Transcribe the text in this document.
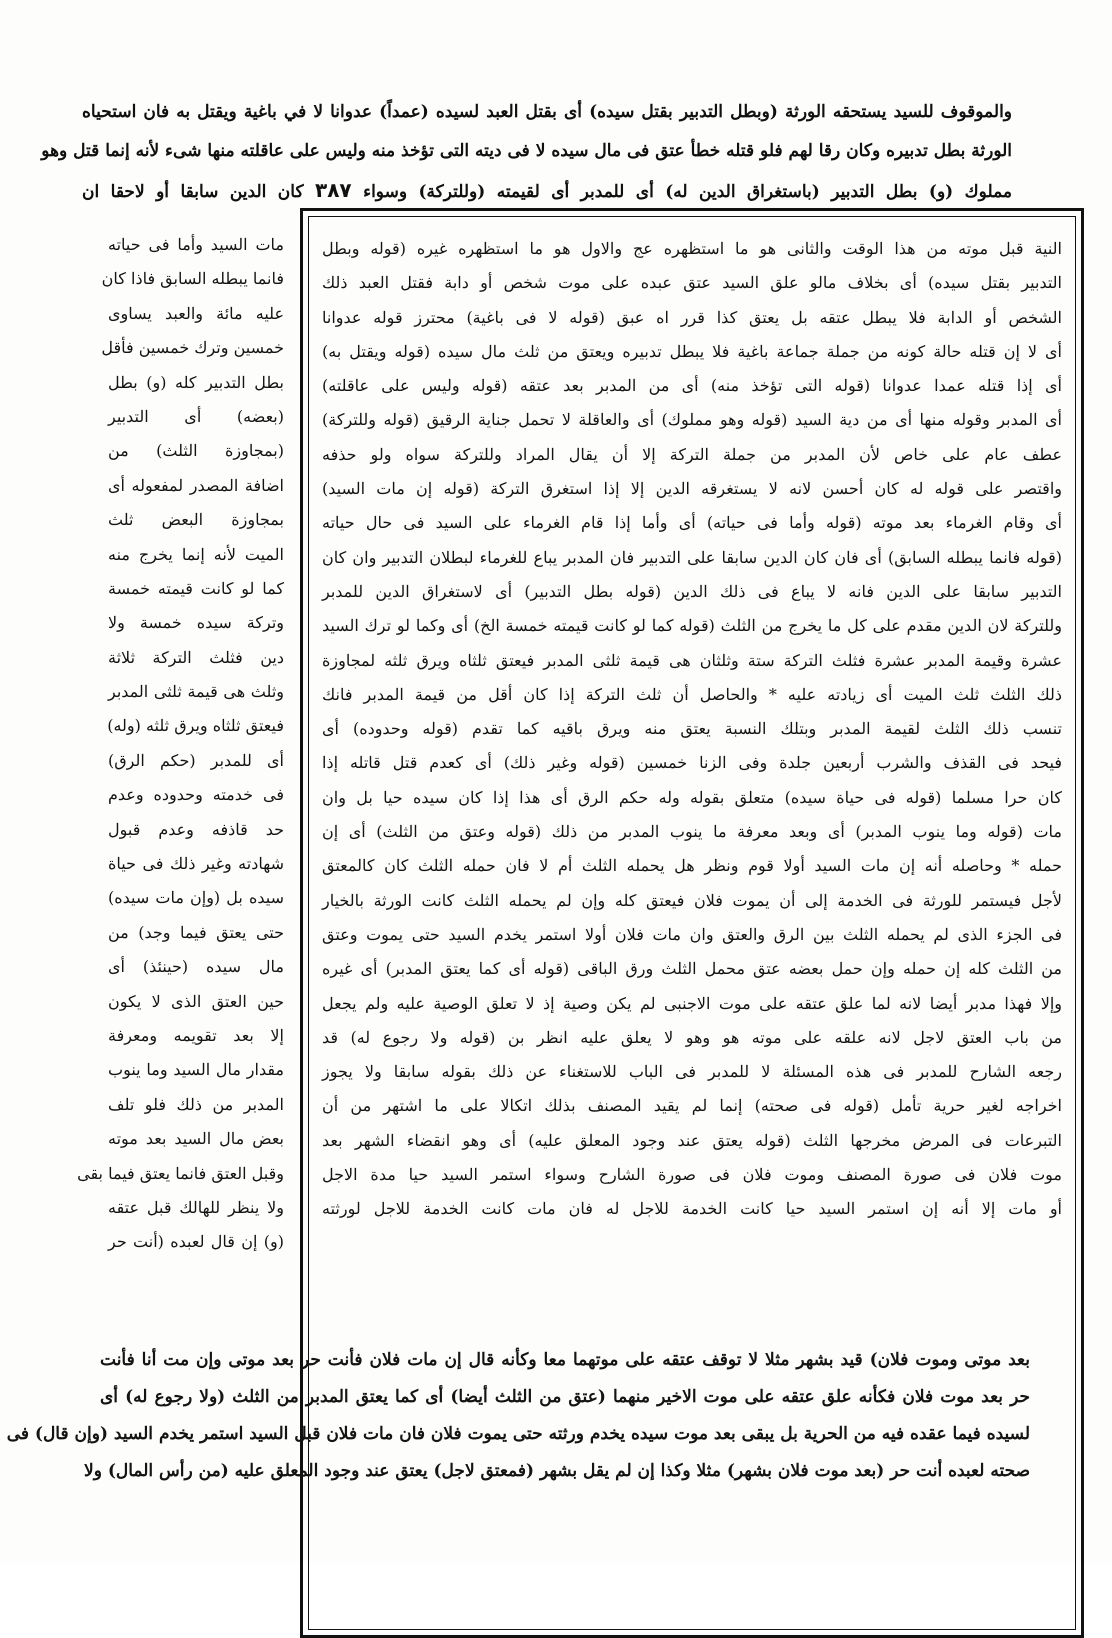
والموقوف للسيد يستحقه الورثة (وبطل التدبير بقتل سيده) أى بقتل العبد لسيده (عمداً) عدوانا لا في باغية ويقتل به فان استحياه
الورثة بطل تدبيره وكان رقا لهم فلو قتله خطأ عتق فى مال سيده لا فى ديته التى تؤخذ منه وليس على عاقلته منها شىء لأنه إنما قتل وهو
مملوك (و) بطل التدبير (باستغراق الدين له) أى للمدبر أى لقيمته (وللتركة) وسواء ٣٨٧ كان الدين سابقا أو لاحقا ان
النية قبل موته من هذا الوقت والثانى هو ما استظهره عج والاول هو ما استظهره غيره (قوله وبطل
التدبير بقتل سيده) أى بخلاف مالو علق السيد عتق عبده على موت شخص أو دابة فقتل العبد ذلك
الشخص أو الدابة فلا يبطل عتقه بل يعتق كذا قرر اه عبق (قوله لا فى باغية) محترز قوله عدوانا
أى لا إن قتله حالة كونه من جملة جماعة باغية فلا يبطل تدبيره ويعتق من ثلث مال سيده (قوله ويقتل به)
أى إذا قتله عمدا عدوانا (قوله التى تؤخذ منه) أى من المدبر بعد عتقه (قوله وليس على عاقلته)
أى المدبر وقوله منها أى من دية السيد (قوله وهو مملوك) أى والعاقلة لا تحمل جناية الرقيق (قوله وللتركة)
عطف عام على خاص لأن المدبر من جملة التركة إلا أن يقال المراد وللتركة سواه ولو حذفه
واقتصر على قوله له كان أحسن لانه لا يستغرقه الدين إلا إذا استغرق التركة (قوله إن مات السيد)
أى وقام الغرماء بعد موته (قوله وأما فى حياته) أى وأما إذا قام الغرماء على السيد فى حال حياته
(قوله فانما يبطله السابق) أى فان كان الدين سابقا على التدبير فان المدبر يباع للغرماء لبطلان التدبير وان كان
التدبير سابقا على الدين فانه لا يباع فى ذلك الدين (قوله بطل التدبير) أى لاستغراق الدين للمدبر
وللتركة لان الدين مقدم على كل ما يخرج من الثلث (قوله كما لو كانت قيمته خمسة الخ) أى وكما لو ترك السيد
عشرة وقيمة المدبر عشرة فثلث التركة ستة وثلثان هى قيمة ثلثى المدبر فيعتق ثلثاه ويرق ثلثه لمجاوزة
ذلك الثلث ثلث الميت أى زيادته عليه * والحاصل أن ثلث التركة إذا كان أقل من قيمة المدبر فانك
تنسب ذلك الثلث لقيمة المدبر وبتلك النسبة يعتق منه ويرق باقيه كما تقدم (قوله وحدوده) أى
فيحد فى القذف والشرب أربعين جلدة وفى الزنا خمسين (قوله وغير ذلك) أى كعدم قتل قاتله إذا
كان حرا مسلما (قوله فى حياة سيده) متعلق بقوله وله حكم الرق أى هذا إذا كان سيده حيا بل وان
مات (قوله وما ينوب المدبر) أى وبعد معرفة ما ينوب المدبر من ذلك (قوله وعتق من الثلث) أى إن
حمله * وحاصله أنه إن مات السيد أولا قوم ونظر هل يحمله الثلث أم لا فان حمله الثلث كان كالمعتق
لأجل فيستمر للورثة فى الخدمة إلى أن يموت فلان فيعتق كله وإن لم يحمله الثلث كانت الورثة بالخيار
فى الجزء الذى لم يحمله الثلث بين الرق والعتق وان مات فلان أولا استمر يخدم السيد حتى يموت وعتق
من الثلث كله إن حمله وإن حمل بعضه عتق محمل الثلث ورق الباقى (قوله أى كما يعتق المدبر) أى غيره
وإلا فهذا مدبر أيضا لانه لما علق عتقه على موت الاجنبى لم يكن وصية إذ لا تعلق الوصية عليه ولم يجعل
من باب العتق لاجل لانه علقه على موته هو وهو لا يعلق عليه انظر بن (قوله ولا رجوع له) قد
رجعه الشارح للمدبر فى هذه المسئلة لا للمدبر فى الباب للاستغناء عن ذلك بقوله سابقا ولا يجوز
اخراجه لغير حرية تأمل (قوله فى صحته) إنما لم يقيد المصنف بذلك اتكالا على ما اشتهر من أن
التبرعات فى المرض مخرجها الثلث (قوله يعتق عند وجود المعلق عليه) أى وهو انقضاء الشهر بعد
موت فلان فى صورة المصنف وموت فلان فى صورة الشارح وسواء استمر السيد حيا مدة الاجل
أو مات إلا أنه إن استمر السيد حيا كانت الخدمة للاجل له فان مات كانت الخدمة للاجل لورثته
مات السيد وأما فى حياته
فانما يبطله السابق فاذا كان
عليه مائة والعبد يساوى
خمسين وترك خمسين فأقل
بطل التدبير كله (و) بطل
(بعضه) أى التدبير
(بمجاوزة الثلث) من
اضافة المصدر لمفعوله أى
بمجاوزة البعض ثلث
الميت لأنه إنما يخرج منه
كما لو كانت قيمته خمسة
وتركة سيده خمسة ولا
دين فثلث التركة ثلاثة
وثلث هى قيمة ثلثى المدبر
فيعتق ثلثاه ويرق ثلثه (وله)
أى للمدبر (حكم الرق)
فى خدمته وحدوده وعدم
حد قاذفه وعدم قبول
شهادته وغير ذلك فى حياة
سيده بل (وإن مات سيده)
حتى يعتق فيما وجد) من
مال سيده (حينئذ) أى
حين العتق الذى لا يكون
إلا بعد تقويمه ومعرفة
مقدار مال السيد وما ينوب
المدبر من ذلك فلو تلف
بعض مال السيد بعد موته
وقبل العتق فانما يعتق فيما بقى
ولا ينظر للهالك قبل عتقه
(و) إن قال لعبده (أنت حر
بعد موتى وموت فلان) قيد بشهر مثلا لا توقف عتقه على موتهما معا وكأنه قال إن مات فلان فأنت حر بعد موتى وإن مت أنا فأنت
حر بعد موت فلان فكأنه علق عتقه على موت الاخير منهما (عتق من الثلث أيضا) أى كما يعتق المدبر من الثلث (ولا رجوع له) أى
لسيده فيما عقده فيه من الحرية بل يبقى بعد موت سيده يخدم ورثته حتى يموت فلان فان مات فلان قبل السيد استمر يخدم السيد (وإن قال) فى
صحته لعبده أنت حر (بعد موت فلان بشهر) مثلا وكذا إن لم يقل بشهر (فمعتق لاجل) يعتق عند وجود المعلق عليه (من رأس المال) ولا
